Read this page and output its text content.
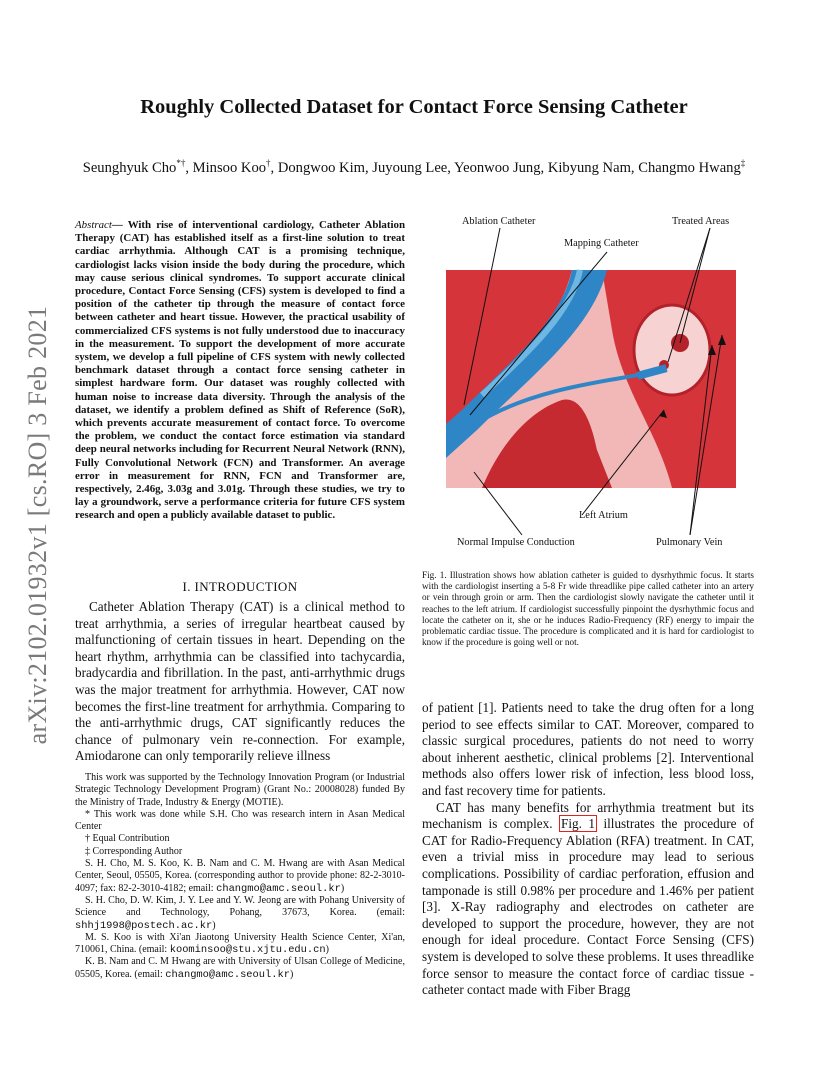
Roughly Collected Dataset for Contact Force Sensing Catheter
Seunghyuk Cho*†, Minsoo Koo†, Dongwoo Kim, Juyoung Lee, Yeonwoo Jung, Kibyung Nam, Changmo Hwang‡
arXiv:2102.01932v1 [cs.RO] 3 Feb 2021
Abstract— With rise of interventional cardiology, Catheter Ablation Therapy (CAT) has established itself as a first-line solution to treat cardiac arrhythmia. Although CAT is a promising technique, cardiologist lacks vision inside the body during the procedure, which may cause serious clinical syndromes. To support accurate clinical procedure, Contact Force Sensing (CFS) system is developed to find a position of the catheter tip through the measure of contact force between catheter and heart tissue. However, the practical usability of commercialized CFS systems is not fully understood due to inaccuracy in the measurement. To support the development of more accurate system, we develop a full pipeline of CFS system with newly collected benchmark dataset through a contact force sensing catheter in simplest hardware form. Our dataset was roughly collected with human noise to increase data diversity. Through the analysis of the dataset, we identify a problem defined as Shift of Reference (SoR), which prevents accurate measurement of contact force. To overcome the problem, we conduct the contact force estimation via standard deep neural networks including for Recurrent Neural Network (RNN), Fully Convolutional Network (FCN) and Transformer. An average error in measurement for RNN, FCN and Transformer are, respectively, 2.46g, 3.03g and 3.01g. Through these studies, we try to lay a groundwork, serve a performance criteria for future CFS system research and open a publicly available dataset to public.
I. INTRODUCTION

Catheter Ablation Therapy (CAT) is a clinical method to treat arrhythmia, a series of irregular heartbeat caused by malfunctioning of certain tissues in heart. Depending on the heart rhythm, arrhythmia can be classified into tachycardia, bradycardia and fibrillation. In the past, anti-arrhythmic drugs was the major treatment for arrhythmia. However, CAT now becomes the first-line treatment for arrhythmia. Comparing to the anti-arrhythmic drugs, CAT significantly reduces the chance of pulmonary vein re-connection. For example, Amiodarone can only temporarily relieve illness

This work was supported by the Technology Innovation Program (or Industrial Strategic Technology Development Program) (Grant No.: 20008028) funded By the Ministry of Trade, Industry & Energy (MOTIE).

* This work was done while S.H. Cho was research intern in Asan Medical Center

† Equal Contribution

‡ Corresponding Author

S. H. Cho, M. S. Koo, K. B. Nam and C. M. Hwang are with Asan Medical Center, Seoul, 05505, Korea. (corresponding author to provide phone: 82-2-3010-4097; fax: 82-2-3010-4182; email: changmo@amc.seoul.kr)

S. H. Cho, D. W. Kim, J. Y. Lee and Y. W. Jeong are with Pohang University of Science and Technology, Pohang, 37673, Korea. (email: shhj1998@postech.ac.kr)

M. S. Koo is with Xi'an Jiaotong University Health Science Center, Xi'an, 710061, China. (email: koominsoo@stu.xjtu.edu.cn)

K. B. Nam and C. M Hwang are with University of Ulsan College of Medicine, 05505, Korea. (email: changmo@amc.seoul.kr)

Ablation Catheter	Treated Areas
Mapping Catheter
Left Atrium
Normal Impulse Conduction	Pulmonary Vein
Fig. 1. Illustration shows how ablation catheter is guided to dysrhythmic focus. It starts with the cardiologist inserting a 5-8 Fr wide threadlike pipe called catheter into an artery or vein through groin or arm. Then the cardiologist slowly navigate the catheter until it reaches to the left atrium. If cardiologist successfully pinpoint the dysrhythmic focus and locate the catheter on it, she or he induces Radio-Frequency (RF) energy to impair the problematic cardiac tissue. The procedure is complicated and it is hard for cardiologist to know if the procedure is going well or not.

of patient [1]. Patients need to take the drug often for a long period to see effects similar to CAT. Moreover, compared to classic surgical procedures, patients do not need to worry about inherent aesthetic, clinical problems [2]. Interventional methods also offers lower risk of infection, less blood loss, and fast recovery time for patients.

CAT has many benefits for arrhythmia treatment but its mechanism is complex. Fig. 1 illustrates the procedure of CAT for Radio-Frequency Ablation (RFA) treatment. In CAT, even a trivial miss in procedure may lead to serious complications. Possibility of cardiac perforation, effusion and tamponade is still 0.98% per procedure and 1.46% per patient [3]. X-Ray radiography and electrodes on catheter are developed to support the procedure, however, they are not enough for ideal procedure. Contact Force Sensing (CFS) system is developed to solve these problems. It uses threadlike force sensor to measure the contact force of cardiac tissue - catheter contact made with Fiber Bragg
